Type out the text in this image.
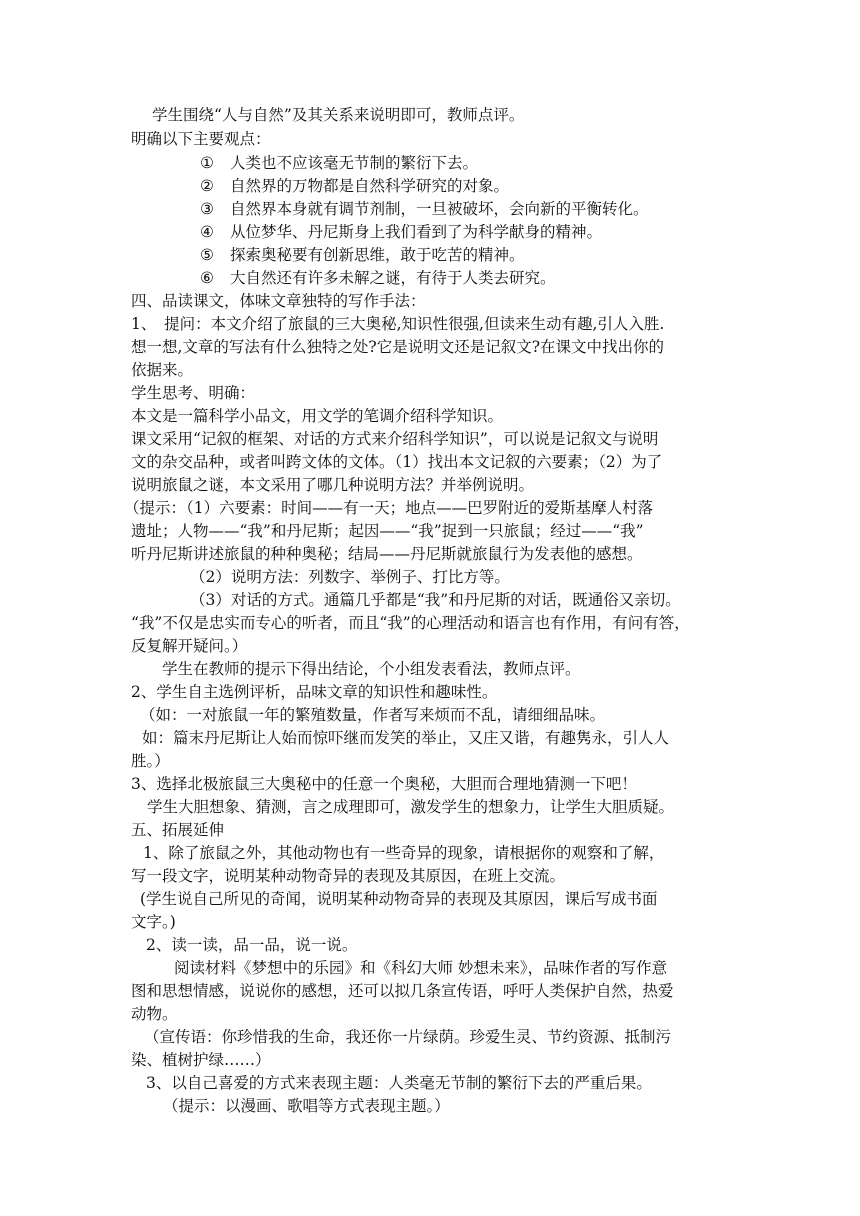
学生围绕“人与自然”及其关系来说明即可，教师点评。
明确以下主要观点：
① 人类也不应该毫无节制的繁衍下去。
② 自然界的万物都是自然科学研究的对象。
③ 自然界本身就有调节剂制，一旦被破坏，会向新的平衡转化。
④ 从位梦华、丹尼斯身上我们看到了为科学献身的精神。
⑤ 探索奥秘要有创新思维，敢于吃苦的精神。
⑥ 大自然还有许多未解之谜，有待于人类去研究。
四、品读课文，体味文章独特的写作手法：
1、　提问：本文介绍了旅鼠的三大奥秘,知识性很强,但读来生动有趣,引人入胜.
想一想,文章的写法有什么独特之处?它是说明文还是记叙文?在课文中找出你的
依据来。
学生思考、明确：
本文是一篇科学小品文，用文学的笔调介绍科学知识。
课文采用“记叙的框架、对话的方式来介绍科学知识”，可以说是记叙文与说明
文的杂交品种，或者叫跨文体的文体。（1）找出本文记叙的六要素；（2）为了
说明旅鼠之谜，本文采用了哪几种说明方法？并举例说明。
（提示：（1）六要素：时间——有一天；地点——巴罗附近的爱斯基摩人村落
遗址；人物——“我”和丹尼斯；起因——“我”捉到一只旅鼠；经过——“我”
听丹尼斯讲述旅鼠的种种奥秘；结局——丹尼斯就旅鼠行为发表他的感想。
（2）说明方法：列数字、举例子、打比方等。
（3）对话的方式。通篇几乎都是“我”和丹尼斯的对话，既通俗又亲切。
“我”不仅是忠实而专心的听者，而且“我”的心理活动和语言也有作用，有问有答，
反复解开疑问。）
学生在教师的提示下得出结论，个小组发表看法，教师点评。
2、学生自主选例评析，品味文章的知识性和趣味性。
（如：一对旅鼠一年的繁殖数量，作者写来烦而不乱，请细细品味。
如：篇末丹尼斯让人始而惊吓继而发笑的举止，又庄又谐，有趣隽永，引人人
胜。）
3、选择北极旅鼠三大奥秘中的任意一个奥秘，大胆而合理地猜测一下吧！
学生大胆想象、猜测，言之成理即可，激发学生的想象力，让学生大胆质疑。
五、拓展延伸
1、除了旅鼠之外，其他动物也有一些奇异的现象，请根据你的观察和了解，
写一段文字，说明某种动物奇异的表现及其原因，在班上交流。
(学生说自己所见的奇闻，说明某种动物奇异的表现及其原因，课后写成书面
文字。)
2、读一读，品一品，说一说。
阅读材料《梦想中的乐园》和《科幻大师 妙想未来》，品味作者的写作意
图和思想情感，说说你的感想，还可以拟几条宣传语，呼吁人类保护自然，热爱
动物。
（宣传语：你珍惜我的生命，我还你一片绿荫。珍爱生灵、节约资源、抵制污
染、植树护绿……）
3、以自己喜爱的方式来表现主题：人类毫无节制的繁衍下去的严重后果。
（提示：以漫画、歌唱等方式表现主题。）
